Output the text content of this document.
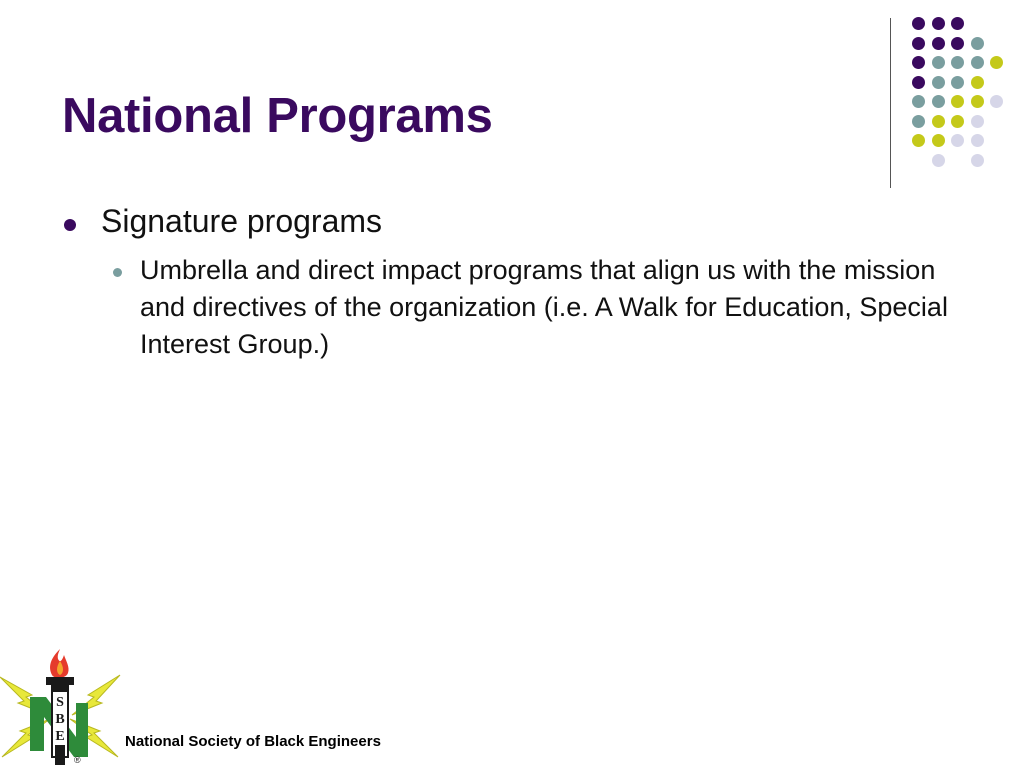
National Programs
Signature programs
Umbrella and direct impact programs that align us with the mission and directives of the organization (i.e. A Walk for Education, Special Interest Group.)
S
B
E
®
National Society of Black Engineers
